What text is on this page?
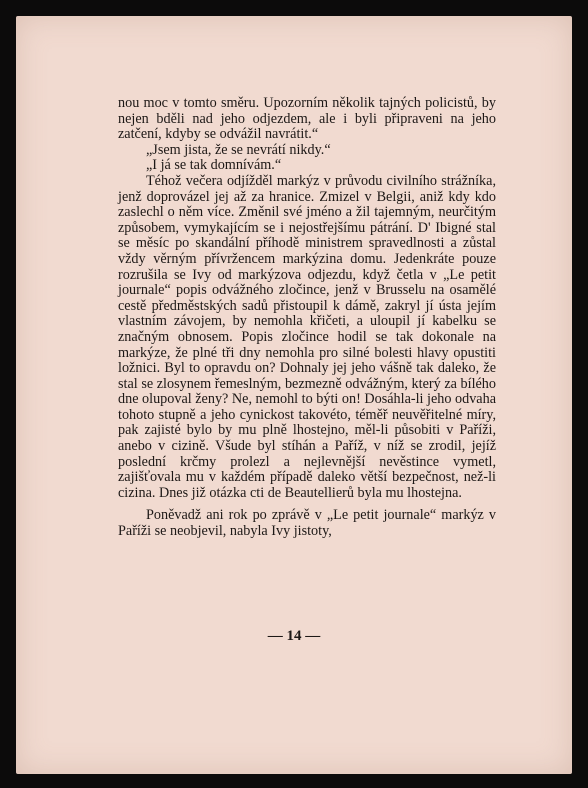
nou moc v tomto směru. Upozorním několik tajných policistů, by nejen bděli nad jeho odjezdem, ale i byli připraveni na jeho zatčení, kdyby se odvážil navrátit.“

„Jsem jista, že se nevrátí nikdy.“

„I já se tak domnívám.“

Téhož večera odjížděl markýz v průvodu civilního strážníka, jenž doprovázel jej až za hranice. Zmizel v Belgii, aniž kdy kdo zaslechl o něm více. Změnil své jméno a žil tajemným, neurčitým způsobem, vymykajícím se i nejostřejšímu pátrání. D' Ibigné stal se měsíc po skandální příhodě ministrem spravedlnosti a zůstal vždy věrným přívržencem markýzina domu. Jedenkráte pouze rozrušila se Ivy od markýzova odjezdu, když četla v „Le petit journale“ popis odvážného zločince, jenž v Brusselu na osamělé cestě předměstských sadů přistoupil k dámě, zakryl jí ústa jejím vlastním závojem, by nemohla křičeti, a uloupil jí kabelku se značným obnosem. Popis zločince hodil se tak dokonale na markýze, že plné tři dny nemohla pro silné bolesti hlavy opustiti ložnici. Byl to opravdu on? Dohnaly jej jeho vášně tak daleko, že stal se zlosynem řemeslným, bezmezně odvážným, který za bílého dne olupoval ženy? Ne, nemohl to býti on! Dosáhla-li jeho odvaha tohoto stupně a jeho cynickost takovéto, téměř neuvěřitelné míry, pak zajisté bylo by mu plně lhostejno, měl-li působiti v Paříži, anebo v cizině. Všude byl stíhán a Paříž, v níž se zrodil, jejíž poslední krčmy prolezl a nejlevnější nevěstince vymetl, zajišťovala mu v každém případě daleko větší bezpečnost, než-li cizina. Dnes již otázka cti de Beautellierů byla mu lhostejna.

Poněvadž ani rok po zprávě v „Le petit journale“ markýz v Paříži se neobjevil, nabyla Ivy jistoty,

— 14 —
